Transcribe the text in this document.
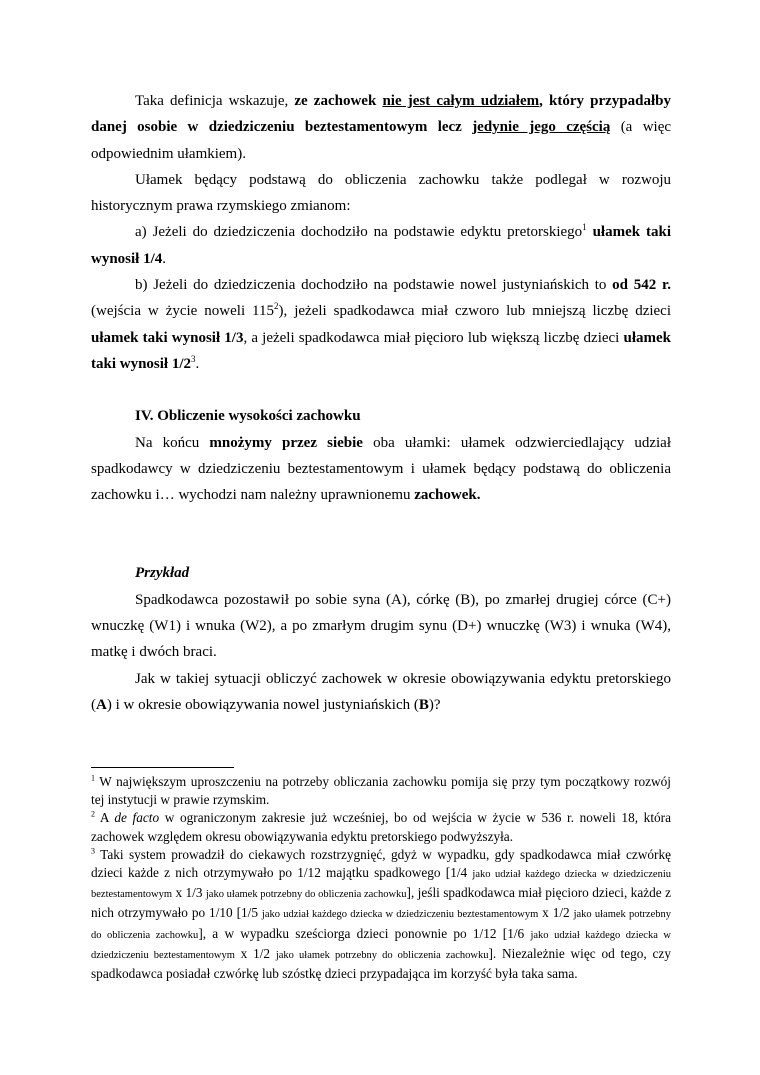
Taka definicja wskazuje, ze zachowek nie jest całym udziałem, który przypadałby danej osobie w dziedziczeniu beztestamentowym lecz jedynie jego częścią (a więc odpowiednim ułamkiem).

Ułamek będący podstawą do obliczenia zachowku także podlegał w rozwoju historycznym prawa rzymskiego zmianom:

a) Jeżeli do dziedziczenia dochodziło na podstawie edyktu pretorskiego$^1$ ułamek taki wynosił 1/4.

b) Jeżeli do dziedziczenia dochodziło na podstawie nowel justyniańskich to od 542 r. (wejścia w życie noweli $115^2$), jeżeli spadkodawca miał czworo lub mniejszą liczbę dzieci ułamek taki wynosił 1/3, a jeżeli spadkodawca miał pięcioro lub większą liczbę dzieci ułamek taki wynosił $1/2^3$.

IV. Obliczenie wysokości zachowku

Na końcu mnożymy przez siebie oba ułamki: ułamek odzwierciedlający udział spadkodawcy w dziedziczeniu beztestamentowym i ułamek będący podstawą do obliczenia zachowku i… wychodzi nam należny uprawnionemu zachowek.

Przykład

Spadkodawca pozostawił po sobie syna (A), córkę (B), po zmarłej drugiej córce (C+) wnuczkę (W1) i wnuka (W2), a po zmarłym drugim synu (D+) wnuczkę (W3) i wnuka (W4), matkę i dwóch braci.

Jak w takiej sytuacji obliczyć zachowek w okresie obowiązywania edyktu pretorskiego (A) i w okresie obowiązywania nowel justyniańskich (B)?

$^1$ W największym uproszczeniu na potrzeby obliczania zachowku pomija się przy tym początkowy rozwój tej instytucji w prawie rzymskim.

$^2$ A de facto w ograniczonym zakresie już wcześniej, bo od wejścia w życie w 536 r. noweli 18, która zachowek względem okresu obowiązywania edyktu pretorskiego podwyższyła.

$^3$ Taki system prowadził do ciekawych rozstrzygnięć, gdyż w wypadku, gdy spadkodawca miał czwórkę dzieci każde z nich otrzymywało po 1/12 majątku spadkowego [1/4 jako udział każdego dziecka w dziedziczeniu beztestamentowym x 1/3 jako ułamek potrzebny do obliczenia zachowku], jeśli spadkodawca miał pięcioro dzieci, każde z nich otrzymywało po 1/10 [1/5 jako udział każdego dziecka w dziedziczeniu beztestamentowym x 1/2 jako ułamek potrzebny do obliczenia zachowku], a w wypadku sześciorga dzieci ponownie po 1/12 [1/6 jako udział każdego dziecka w dziedziczeniu beztestamentowym x 1/2 jako ułamek potrzebny do obliczenia zachowku]. Niezależnie więc od tego, czy spadkodawca posiadał czwórkę lub szóstkę dzieci przypadająca im korzyść była taka sama.
